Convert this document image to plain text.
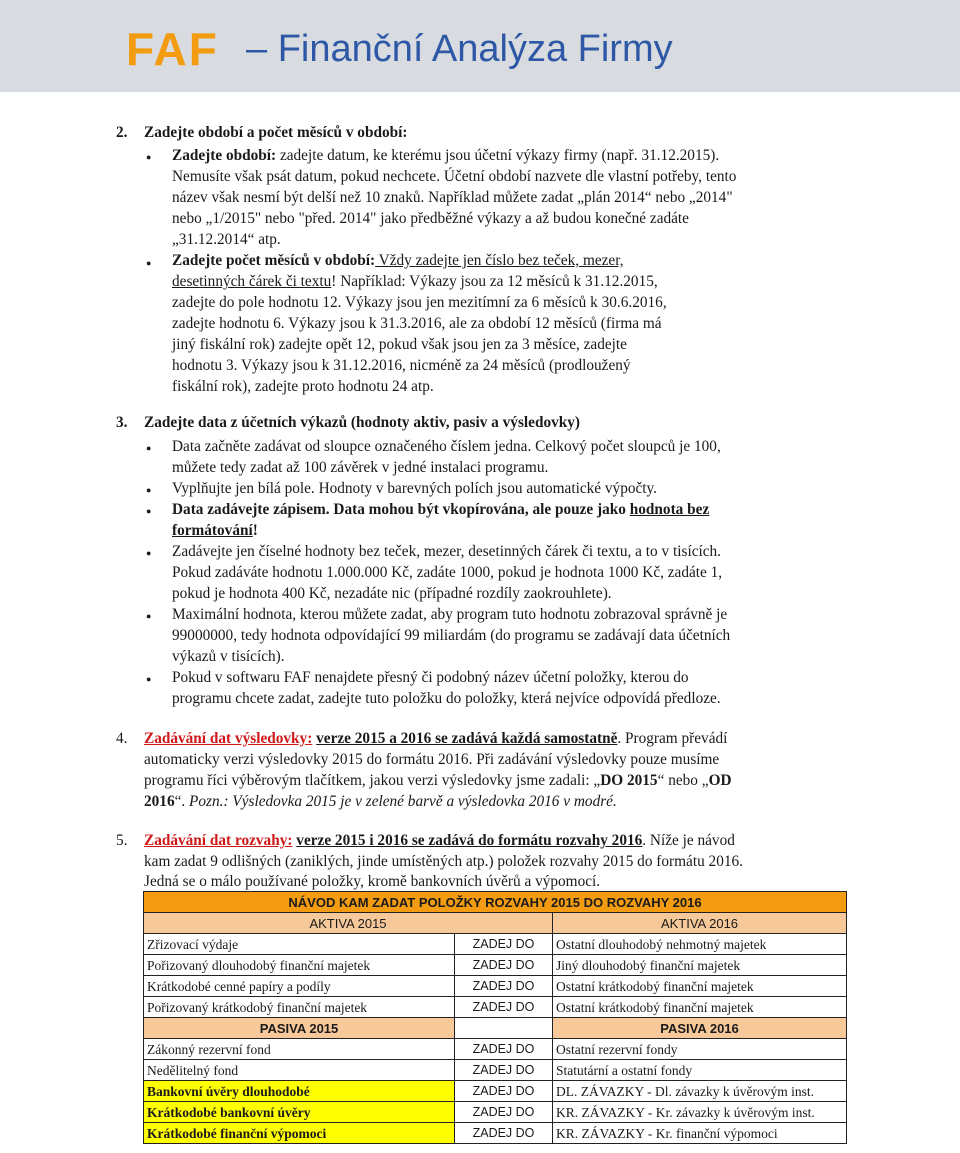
FAF – Finanční Analýza Firmy
2. Zadejte období a počet měsíců v období:
● Zadejte období: zadejte datum, ke kterému jsou účetní výkazy firmy (např. 31.12.2015).
Nemusíte však psát datum, pokud nechcete. Účetní období nazvete dle vlastní potřeby, tento
název však nesmí být delší než 10 znaků. Například můžete zadat „plán 2014“ nebo „2014"
nebo „1/2015" nebo "před. 2014" jako předběžné výkazy a až budou konečné zadáte
„31.12.2014“ atp.
● Zadejte počet měsíců v období: Vždy zadejte jen číslo bez teček, mezer,
desetinných čárek či textu! Například: Výkazy jsou za 12 měsíců k 31.12.2015,
zadejte do pole hodnotu 12. Výkazy jsou jen mezitímní za 6 měsíců k 30.6.2016,
zadejte hodnotu 6. Výkazy jsou k 31.3.2016, ale za období 12 měsíců (firma má
jiný fiskální rok) zadejte opět 12, pokud však jsou jen za 3 měsíce, zadejte
hodnotu 3. Výkazy jsou k 31.12.2016, nicméně za 24 měsíců (prodloužený
fiskální rok), zadejte proto hodnotu 24 atp.
3. Zadejte data z účetních výkazů (hodnoty aktiv, pasiv a výsledovky)
● Data začněte zadávat od sloupce označeného číslem jedna. Celkový počet sloupců je 100,
můžete tedy zadat až 100 závěrek v jedné instalaci programu.
● Vyplňujte jen bílá pole. Hodnoty v barevných polích jsou automatické výpočty.
● Data zadávejte zápisem. Data mohou být vkopírována, ale pouze jako hodnota bez
formátování!
● Zadávejte jen číselné hodnoty bez teček, mezer, desetinných čárek či textu, a to v tisících.
Pokud zadáváte hodnotu 1.000.000 Kč, zadáte 1000, pokud je hodnota 1000 Kč, zadáte 1,
pokud je hodnota 400 Kč, nezadáte nic (případné rozdíly zaokrouhlete).
● Maximální hodnota, kterou můžete zadat, aby program tuto hodnotu zobrazoval správně je
99000000, tedy hodnota odpovídající 99 miliardám (do programu se zadávají data účetních
výkazů v tisících).
● Pokud v softwaru FAF nenajdete přesný či podobný název účetní položky, kterou do
programu chcete zadat, zadejte tuto položku do položky, která nejvíce odpovídá předloze.
4. Zadávání dat výsledovky: verze 2015 a 2016 se zadává každá samostatně. Program převádí
automaticky verzi výsledovky 2015 do formátu 2016. Při zadávání výsledovky pouze musíme
programu říci výběrovým tlačítkem, jakou verzi výsledovky jsme zadali: „DO 2015“ nebo „OD
2016“. Pozn.: Výsledovka 2015 je v zelené barvě a výsledovka 2016 v modré.
5. Zadávání dat rozvahy: verze 2015 i 2016 se zadává do formátu rozvahy 2016. Níže je návod
kam zadat 9 odlišných (zaniklých, jinde umístěných atp.) položek rozvahy 2015 do formátu 2016.
Jedná se o málo používané položky, kromě bankovních úvěrů a výpomocí.
NÁVOD KAM ZADAT POLOŽKY ROZVAHY 2015 DO ROZVAHY 2016		
AKTIVA 2015		AKTIVA 2016
Zřizovací výdaje	ZADEJ DO	Ostatní dlouhodobý nehmotný majetek
Pořizovaný dlouhodobý finanční majetek	ZADEJ DO	Jiný dlouhodobý finanční majetek
Krátkodobé cenné papíry a podíly	ZADEJ DO	Ostatní krátkodobý finanční majetek
Pořizovaný krátkodobý finanční majetek	ZADEJ DO	Ostatní krátkodobý finanční majetek
PASIVA 2015		PASIVA 2016
Zákonný rezervní fond	ZADEJ DO	Ostatní rezervní fondy
Nedělitelný fond	ZADEJ DO	Statutární a ostatní fondy
Bankovní úvěry dlouhodobé	ZADEJ DO	DL. ZÁVAZKY - Dl. závazky k úvěrovým inst.
Krátkodobé bankovní úvěry	ZADEJ DO	KR. ZÁVAZKY - Kr. závazky k úvěrovým inst.
Krátkodobé finanční výpomoci	ZADEJ DO	KR. ZÁVAZKY - Kr. finanční výpomoci
